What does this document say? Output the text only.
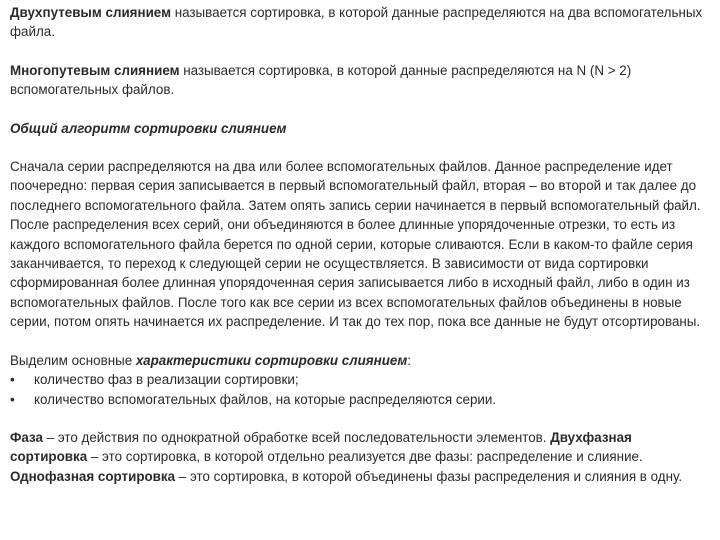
Двухпутевым слиянием называется сортировка, в которой данные распределяются на два вспомогательных файла.

Многопутевым слиянием называется сортировка, в которой данные распределяются на N (N > 2) вспомогательных файлов.

Общий алгоритм сортировки слиянием

Сначала серии распределяются на два или более вспомогательных файлов. Данное распределение идет поочередно: первая серия записывается в первый вспомогательный файл, вторая – во второй и так далее до последнего вспомогательного файла. Затем опять запись серии начинается в первый вспомогательный файл. После распределения всех серий, они объединяются в более длинные упорядоченные отрезки, то есть из каждого вспомогательного файла берется по одной серии, которые сливаются. Если в каком-то файле серия заканчивается, то переход к следующей серии не осуществляется. В зависимости от вида сортировки сформированная более длинная упорядоченная серия записывается либо в исходный файл, либо в один из вспомогательных файлов. После того как все серии из всех вспомогательных файлов объединены в новые серии, потом опять начинается их распределение. И так до тех пор, пока все данные не будут отсортированы.

Выделим основные характеристики сортировки слиянием:

• количество фаз в реализации сортировки;
• количество вспомогательных файлов, на которые распределяются серии.

Фаза – это действия по однократной обработке всей последовательности элементов. Двухфазная сортировка – это сортировка, в которой отдельно реализуется две фазы: распределение и слияние. Однофазная сортировка – это сортировка, в которой объединены фазы распределения и слияния в одну.
